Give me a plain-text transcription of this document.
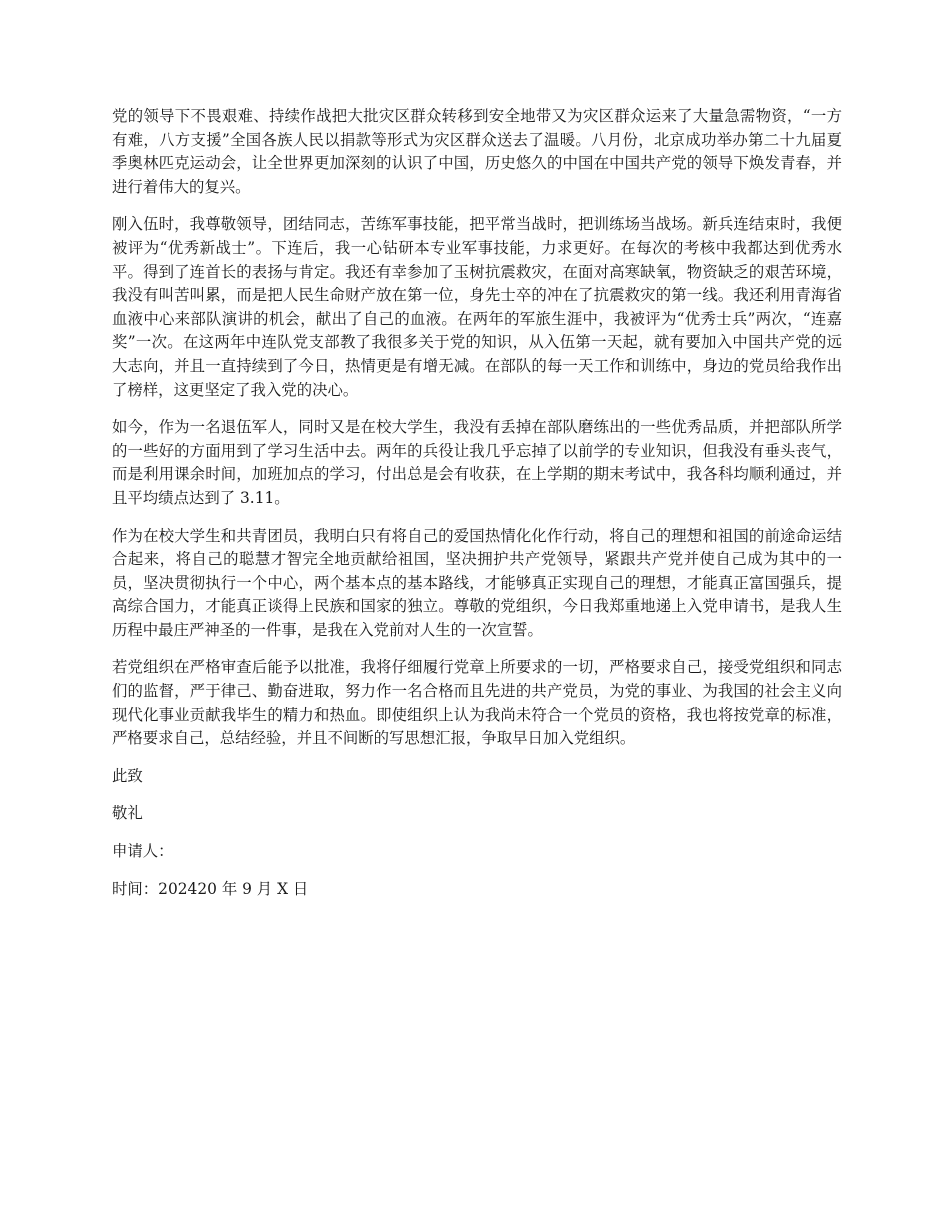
党的领导下不畏艰难、持续作战把大批灾区群众转移到安全地带又为灾区群众运来了大量急需物资，“一方有难，八方支援”全国各族人民以捐款等形式为灾区群众送去了温暖。八月份，北京成功举办第二十九届夏季奥林匹克运动会，让全世界更加深刻的认识了中国，历史悠久的中国在中国共产党的领导下焕发青春，并进行着伟大的复兴。

刚入伍时，我尊敬领导，团结同志，苦练军事技能，把平常当战时，把训练场当战场。新兵连结束时，我便被评为“优秀新战士”。下连后，我一心钻研本专业军事技能，力求更好。在每次的考核中我都达到优秀水平。得到了连首长的表扬与肯定。我还有幸参加了玉树抗震救灾，在面对高寒缺氧，物资缺乏的艰苦环境，我没有叫苦叫累，而是把人民生命财产放在第一位，身先士卒的冲在了抗震救灾的第一线。我还利用青海省血液中心来部队演讲的机会，献出了自己的血液。在两年的军旅生涯中，我被评为“优秀士兵”两次，“连嘉奖”一次。在这两年中连队党支部教了我很多关于党的知识，从入伍第一天起，就有要加入中国共产党的远大志向，并且一直持续到了今日，热情更是有增无减。在部队的每一天工作和训练中，身边的党员给我作出了榜样，这更坚定了我入党的决心。

如今，作为一名退伍军人，同时又是在校大学生，我没有丢掉在部队磨练出的一些优秀品质，并把部队所学的一些好的方面用到了学习生活中去。两年的兵役让我几乎忘掉了以前学的专业知识，但我没有垂头丧气，而是利用课余时间，加班加点的学习，付出总是会有收获，在上学期的期末考试中，我各科均顺利通过，并且平均绩点达到了 3.11。

作为在校大学生和共青团员，我明白只有将自己的爱国热情化化作行动，将自己的理想和祖国的前途命运结合起来，将自己的聪慧才智完全地贡献给祖国，坚决拥护共产党领导，紧跟共产党并使自己成为其中的一员，坚决贯彻执行一个中心，两个基本点的基本路线，才能够真正实现自己的理想，才能真正富国强兵，提高综合国力，才能真正谈得上民族和国家的独立。尊敬的党组织，今日我郑重地递上入党申请书，是我人生历程中最庄严神圣的一件事，是我在入党前对人生的一次宣誓。

若党组织在严格审查后能予以批准，我将仔细履行党章上所要求的一切，严格要求自己，接受党组织和同志们的监督，严于律己、勤奋进取，努力作一名合格而且先进的共产党员，为党的事业、为我国的社会主义向现代化事业贡献我毕生的精力和热血。即使组织上认为我尚未符合一个党员的资格，我也将按党章的标准，严格要求自己，总结经验，并且不间断的写思想汇报，争取早日加入党组织。

此致

敬礼

申请人：

时间：202420 年 9 月 X 日
